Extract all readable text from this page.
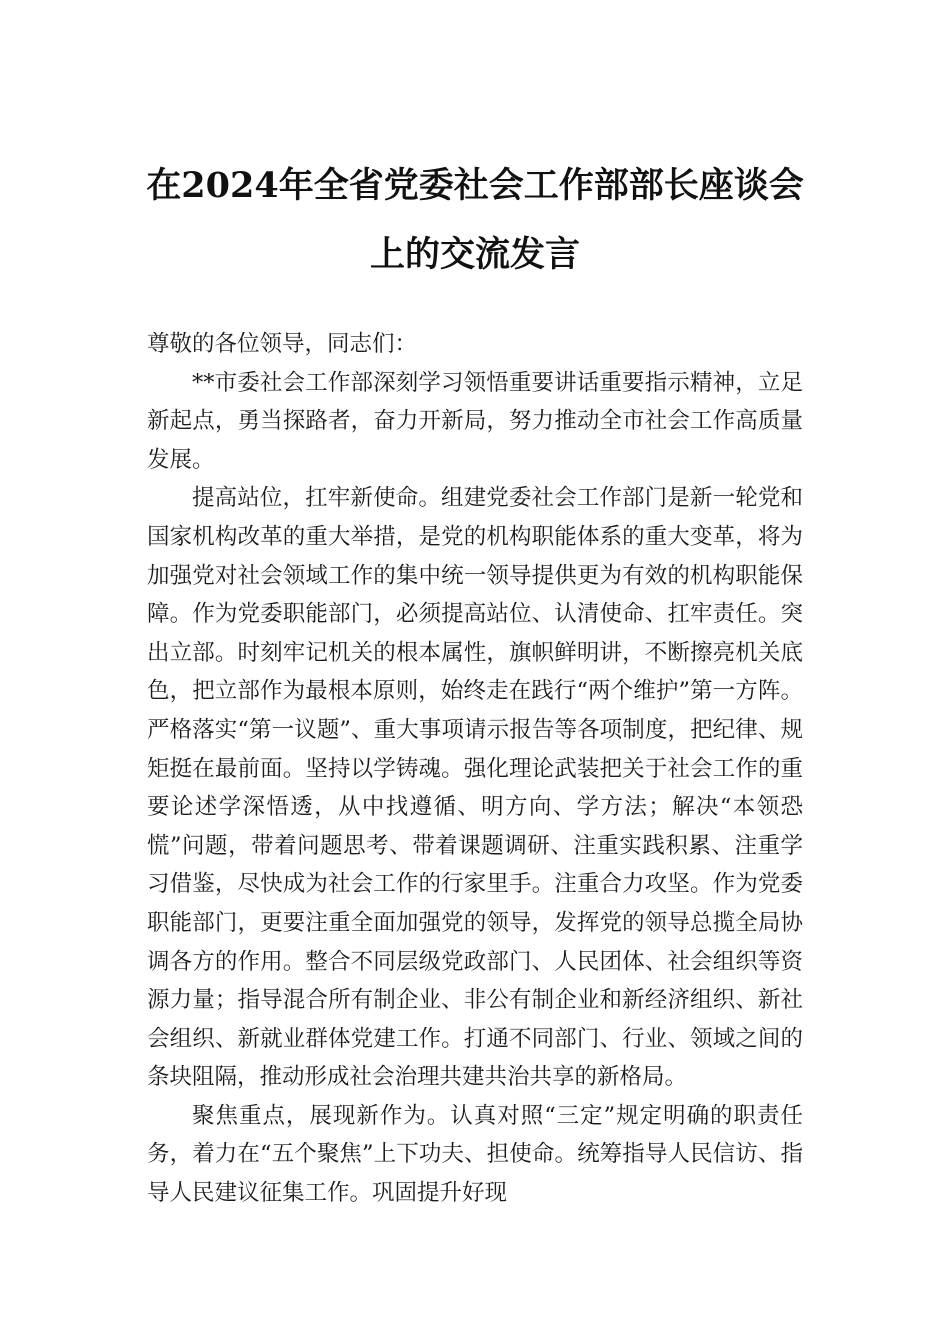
在2024年全省党委社会工作部部长座谈会
上的交流发言

尊敬的各位领导，同志们：

**市委社会工作部深刻学习领悟重要讲话重要指示精神，立足新起点，勇当探路者，奋力开新局，努力推动全市社会工作高质量发展。

提高站位，扛牢新使命。组建党委社会工作部门是新一轮党和国家机构改革的重大举措，是党的机构职能体系的重大变革，将为加强党对社会领域工作的集中统一领导提供更为有效的机构职能保障。作为党委职能部门，必须提高站位、认清使命、扛牢责任。突出立部。时刻牢记机关的根本属性，旗帜鲜明讲，不断擦亮机关底色，把立部作为最根本原则，始终走在践行“两个维护”第一方阵。严格落实“第一议题”、重大事项请示报告等各项制度，把纪律、规矩挺在最前面。坚持以学铸魂。强化理论武装把关于社会工作的重要论述学深悟透，从中找遵循、明方向、学方法；解决“本领恐慌”问题，带着问题思考、带着课题调研、注重实践积累、注重学习借鉴，尽快成为社会工作的行家里手。注重合力攻坚。作为党委职能部门，更要注重全面加强党的领导，发挥党的领导总揽全局协调各方的作用。整合不同层级党政部门、人民团体、社会组织等资源力量；指导混合所有制企业、非公有制企业和新经济组织、新社会组织、新就业群体党建工作。打通不同部门、行业、领域之间的条块阻隔，推动形成社会治理共建共治共享的新格局。

聚焦重点，展现新作为。认真对照“三定”规定明确的职责任务，着力在“五个聚焦”上下功夫、担使命。统筹指导人民信访、指导人民建议征集工作。巩固提升好现
